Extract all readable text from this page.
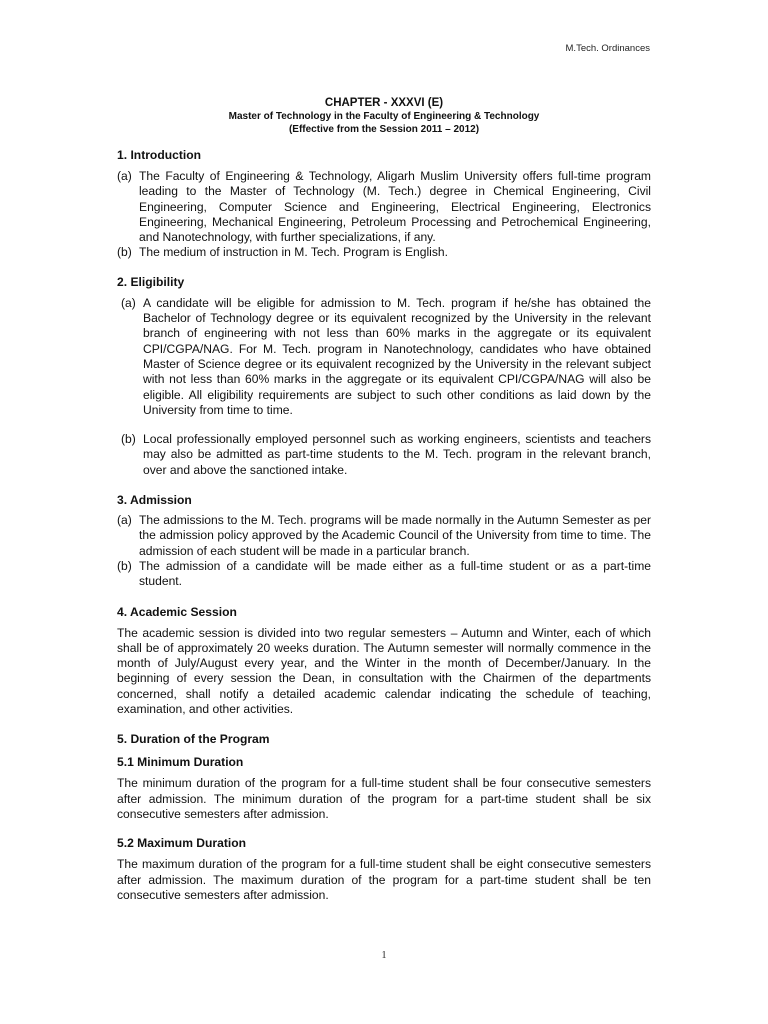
M.Tech. Ordinances
CHAPTER - XXXVI (E)
Master of Technology in the Faculty of Engineering & Technology
(Effective from the Session 2011 – 2012)
1. Introduction
(a) The Faculty of Engineering & Technology, Aligarh Muslim University offers full-time program leading to the Master of Technology (M. Tech.) degree in Chemical Engineering, Civil Engineering, Computer Science and Engineering, Electrical Engineering, Electronics Engineering, Mechanical Engineering, Petroleum Processing and Petrochemical Engineering, and Nanotechnology, with further specializations, if any.
(b) The medium of instruction in M. Tech. Program is English.
2. Eligibility
(a) A candidate will be eligible for admission to M. Tech. program if he/she has obtained the Bachelor of Technology degree or its equivalent recognized by the University in the relevant branch of engineering with not less than 60% marks in the aggregate or its equivalent CPI/CGPA/NAG. For M. Tech. program in Nanotechnology, candidates who have obtained Master of Science degree or its equivalent recognized by the University in the relevant subject with not less than 60% marks in the aggregate or its equivalent CPI/CGPA/NAG will also be eligible. All eligibility requirements are subject to such other conditions as laid down by the University from time to time.
(b) Local professionally employed personnel such as working engineers, scientists and teachers may also be admitted as part-time students to the M. Tech. program in the relevant branch, over and above the sanctioned intake.
3. Admission
(a) The admissions to the M. Tech. programs will be made normally in the Autumn Semester as per the admission policy approved by the Academic Council of the University from time to time. The admission of each student will be made in a particular branch.
(b) The admission of a candidate will be made either as a full-time student or as a part-time student.
4. Academic Session

The academic session is divided into two regular semesters – Autumn and Winter, each of which shall be of approximately 20 weeks duration. The Autumn semester will normally commence in the month of July/August every year, and the Winter in the month of December/January. In the beginning of every session the Dean, in consultation with the Chairmen of the departments concerned, shall notify a detailed academic calendar indicating the schedule of teaching, examination, and other activities.

5. Duration of the Program
5.1 Minimum Duration

The minimum duration of the program for a full-time student shall be four consecutive semesters after admission. The minimum duration of the program for a part-time student shall be six consecutive semesters after admission.

5.2 Maximum Duration

The maximum duration of the program for a full-time student shall be eight consecutive semesters after admission. The maximum duration of the program for a part-time student shall be ten consecutive semesters after admission.

1
